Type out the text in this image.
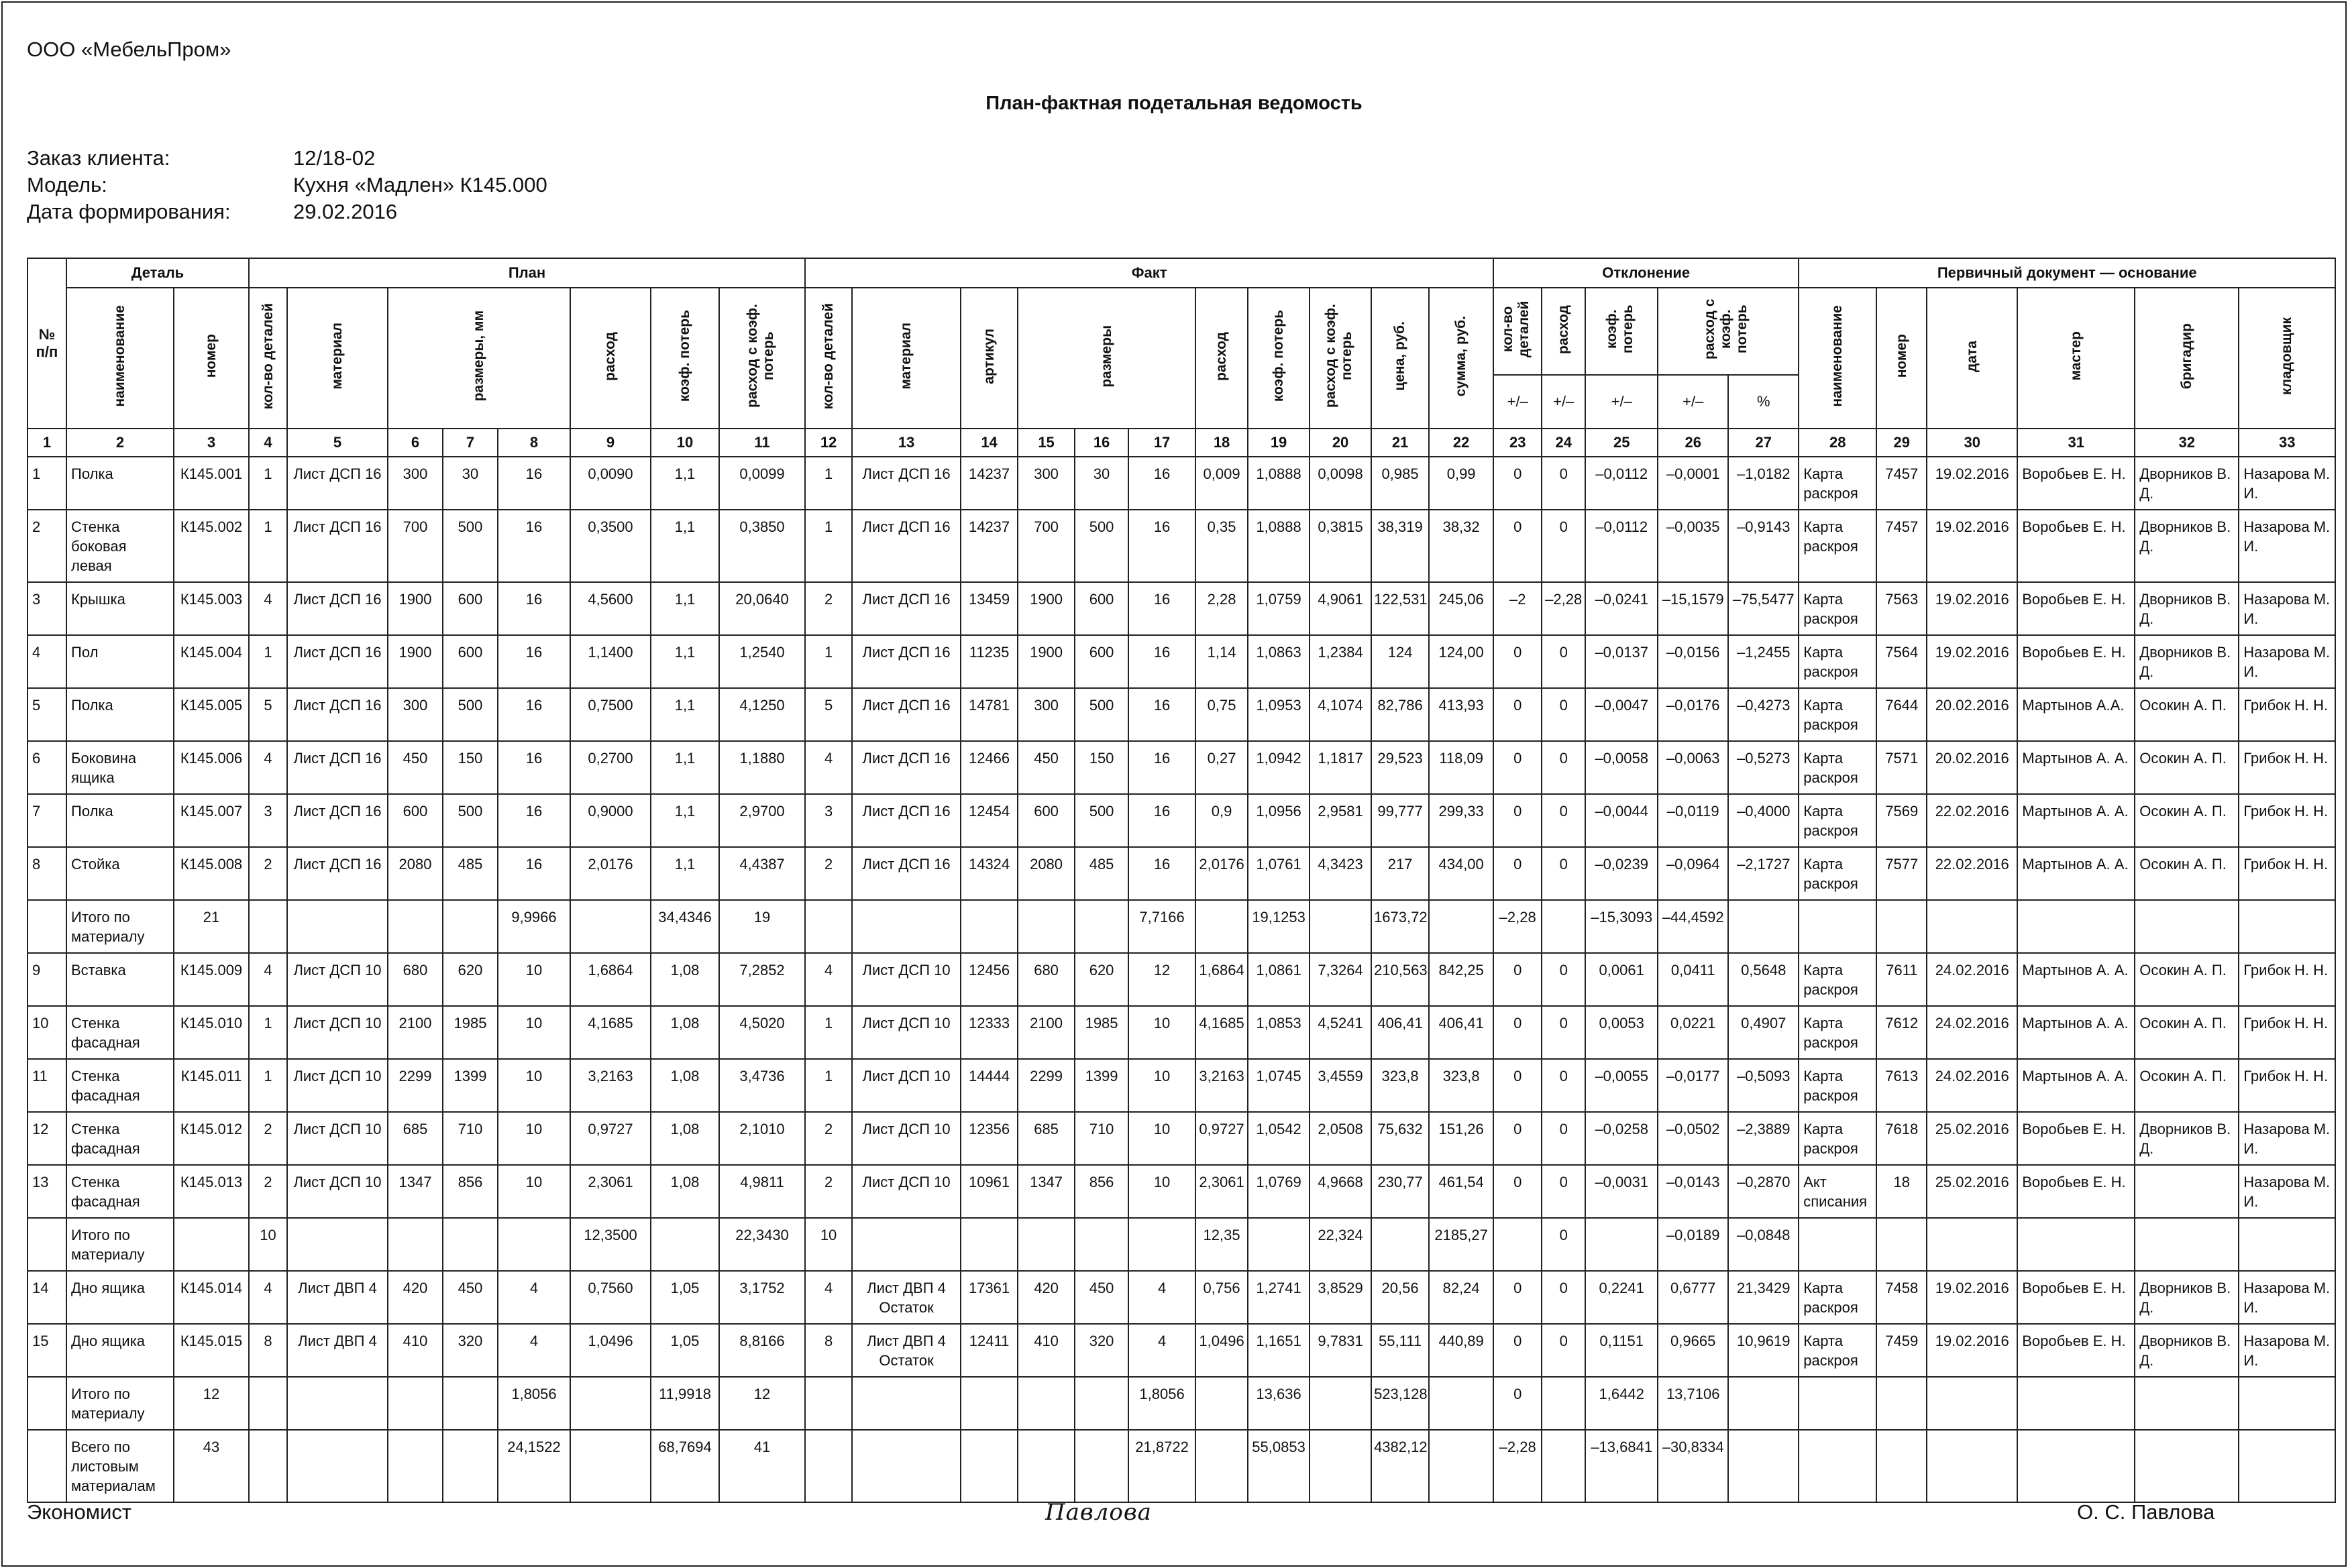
ООО «МебельПром»
План-фактная подетальная ведомость
Заказ клиента:	12/18-02
Модель:	Кухня «Мадлен» К145.000
Дата формирования:	29.02.2016
№ п/п	Деталь		План								Факт											Отклонение					Первичный документ — основание					
	наименование	номер	кол-во деталей	материал	размеры, мм			расход	коэф. потерь	расход с коэф. потерь	кол-во деталей	материал	артикул	размеры			расход	коэф. потерь	расход с коэф. потерь	цена, руб.	сумма, руб.	кол-во деталей	расход	коэф. потерь	расход с коэф. потерь		наименование	номер	дата	мастер	бригадир	кладовщик
																						+/–	+/–	+/–	+/–	%						
1	2	3	4	5	6	7	8	9	10	11	12	13	14	15	16	17	18	19	20	21	22	23	24	25	26	27	28	29	30	31	32	33
1	Полка	К145.001	1	Лист ДСП 16	300	30	16	0,0090	1,1	0,0099	1	Лист ДСП 16	14237	300	30	16	0,009	1,0888	0,0098	0,985	0,99	0	0	–0,0112	–0,0001	–1,0182	Карта раскроя	7457	19.02.2016	Воробьев Е. Н.	Дворников В. Д.	Назарова М. И.
2	Стенка боковая левая	К145.002	1	Лист ДСП 16	700	500	16	0,3500	1,1	0,3850	1	Лист ДСП 16	14237	700	500	16	0,35	1,0888	0,3815	38,319	38,32	0	0	–0,0112	–0,0035	–0,9143	Карта раскроя	7457	19.02.2016	Воробьев Е. Н.	Дворников В. Д.	Назарова М. И.
3	Крышка	К145.003	4	Лист ДСП 16	1900	600	16	4,5600	1,1	20,0640	2	Лист ДСП 16	13459	1900	600	16	2,28	1,0759	4,9061	122,531	245,06	–2	–2,28	–0,0241	–15,1579	–75,5477	Карта раскроя	7563	19.02.2016	Воробьев Е. Н.	Дворников В. Д.	Назарова М. И.
4	Пол	К145.004	1	Лист ДСП 16	1900	600	16	1,1400	1,1	1,2540	1	Лист ДСП 16	11235	1900	600	16	1,14	1,0863	1,2384	124	124,00	0	0	–0,0137	–0,0156	–1,2455	Карта раскроя	7564	19.02.2016	Воробьев Е. Н.	Дворников В. Д.	Назарова М. И.
5	Полка	К145.005	5	Лист ДСП 16	300	500	16	0,7500	1,1	4,1250	5	Лист ДСП 16	14781	300	500	16	0,75	1,0953	4,1074	82,786	413,93	0	0	–0,0047	–0,0176	–0,4273	Карта раскроя	7644	20.02.2016	Мартынов А.А.	Осокин А. П.	Грибок Н. Н.
6	Боковина ящика	К145.006	4	Лист ДСП 16	450	150	16	0,2700	1,1	1,1880	4	Лист ДСП 16	12466	450	150	16	0,27	1,0942	1,1817	29,523	118,09	0	0	–0,0058	–0,0063	–0,5273	Карта раскроя	7571	20.02.2016	Мартынов А. А.	Осокин А. П.	Грибок Н. Н.
7	Полка	К145.007	3	Лист ДСП 16	600	500	16	0,9000	1,1	2,9700	3	Лист ДСП 16	12454	600	500	16	0,9	1,0956	2,9581	99,777	299,33	0	0	–0,0044	–0,0119	–0,4000	Карта раскроя	7569	22.02.2016	Мартынов А. А.	Осокин А. П.	Грибок Н. Н.
8	Стойка	К145.008	2	Лист ДСП 16	2080	485	16	2,0176	1,1	4,4387	2	Лист ДСП 16	14324	2080	485	16	2,0176	1,0761	4,3423	217	434,00	0	0	–0,0239	–0,0964	–2,1727	Карта раскроя	7577	22.02.2016	Мартынов А. А.	Осокин А. П.	Грибок Н. Н.
	Итого по материалу	21					9,9966		34,4346	19						7,7166		19,1253		1673,72		–2,28		–15,3093	–44,4592							
9	Вставка	К145.009	4	Лист ДСП 10	680	620	10	1,6864	1,08	7,2852	4	Лист ДСП 10	12456	680	620	12	1,6864	1,0861	7,3264	210,563	842,25	0	0	0,0061	0,0411	0,5648	Карта раскроя	7611	24.02.2016	Мартынов А. А.	Осокин А. П.	Грибок Н. Н.
10	Стенка фасадная	К145.010	1	Лист ДСП 10	2100	1985	10	4,1685	1,08	4,5020	1	Лист ДСП 10	12333	2100	1985	10	4,1685	1,0853	4,5241	406,41	406,41	0	0	0,0053	0,0221	0,4907	Карта раскроя	7612	24.02.2016	Мартынов А. А.	Осокин А. П.	Грибок Н. Н.
11	Стенка фасадная	К145.011	1	Лист ДСП 10	2299	1399	10	3,2163	1,08	3,4736	1	Лист ДСП 10	14444	2299	1399	10	3,2163	1,0745	3,4559	323,8	323,8	0	0	–0,0055	–0,0177	–0,5093	Карта раскроя	7613	24.02.2016	Мартынов А. А.	Осокин А. П.	Грибок Н. Н.
12	Стенка фасадная	К145.012	2	Лист ДСП 10	685	710	10	0,9727	1,08	2,1010	2	Лист ДСП 10	12356	685	710	10	0,9727	1,0542	2,0508	75,632	151,26	0	0	–0,0258	–0,0502	–2,3889	Карта раскроя	7618	25.02.2016	Воробьев Е. Н.	Дворников В. Д.	Назарова М. И.
13	Стенка фасадная	К145.013	2	Лист ДСП 10	1347	856	10	2,3061	1,08	4,9811	2	Лист ДСП 10	10961	1347	856	10	2,3061	1,0769	4,9668	230,77	461,54	0	0	–0,0031	–0,0143	–0,2870	Акт списания	18	25.02.2016	Воробьев Е. Н.		Назарова М. И.
	Итого по материалу		10					12,3500		22,3430	10						12,35		22,324		2185,27		0		–0,0189	–0,0848						
14	Дно ящика	К145.014	4	Лист ДВП 4	420	450	4	0,7560	1,05	3,1752	4	Лист ДВП 4 Остаток	17361	420	450	4	0,756	1,2741	3,8529	20,56	82,24	0	0	0,2241	0,6777	21,3429	Карта раскроя	7458	19.02.2016	Воробьев Е. Н.	Дворников В. Д.	Назарова М. И.
15	Дно ящика	К145.015	8	Лист ДВП 4	410	320	4	1,0496	1,05	8,8166	8	Лист ДВП 4 Остаток	12411	410	320	4	1,0496	1,1651	9,7831	55,111	440,89	0	0	0,1151	0,9665	10,9619	Карта раскроя	7459	19.02.2016	Воробьев Е. Н.	Дворников В. Д.	Назарова М. И.
	Итого по материалу	12					1,8056		11,9918	12						1,8056		13,636		523,128		0		1,6442	13,7106							
	Всего по листовым материалам	43					24,1522		68,7694	41						21,8722		55,0853		4382,12		–2,28		–13,6841	–30,8334							
Экономист	Павлова	О. С. Павлова
